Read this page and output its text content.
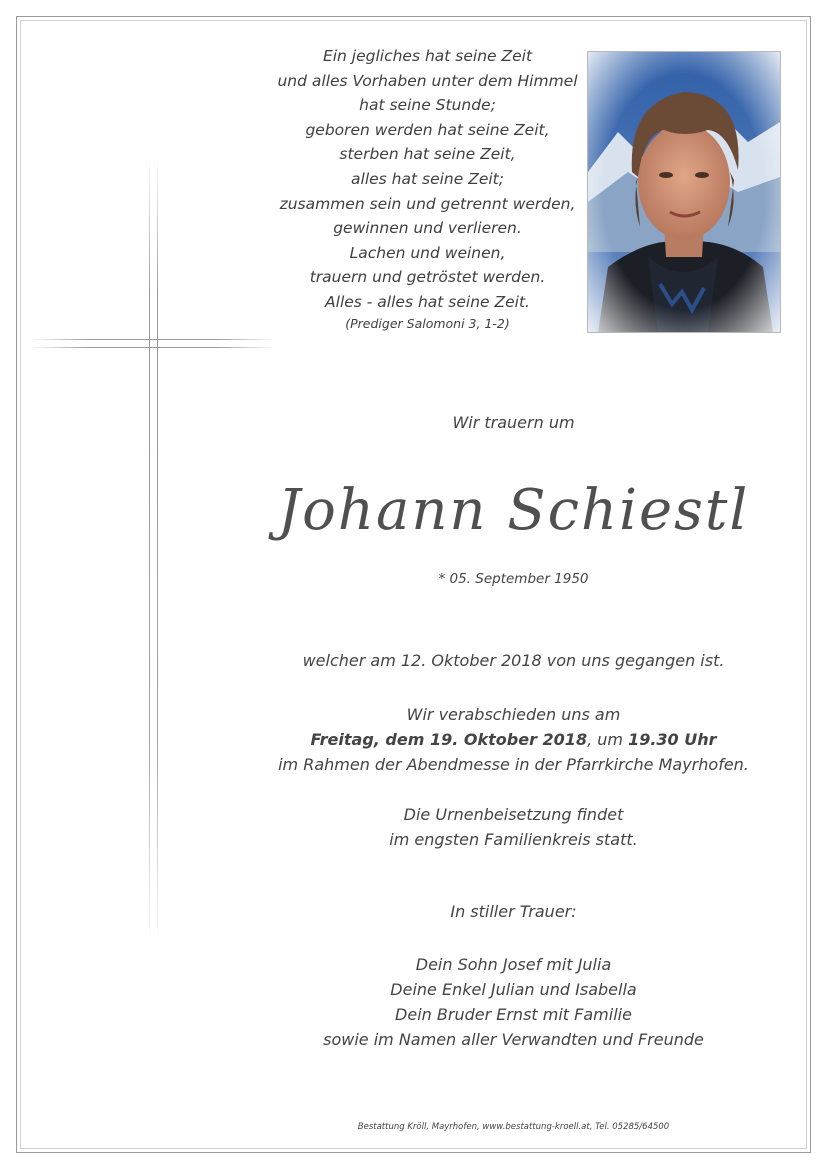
Ein jegliches hat seine Zeit
und alles Vorhaben unter dem Himmel
hat seine Stunde;
geboren werden hat seine Zeit,
sterben hat seine Zeit,
alles hat seine Zeit;
zusammen sein und getrennt werden,
gewinnen und verlieren.
Lachen und weinen,
trauern und getröstet werden.
Alles - alles hat seine Zeit.
(Prediger Salomoni 3, 1-2)
Wir trauern um
Johann Schiestl
* 05. September 1950
welcher am 12. Oktober 2018 von uns gegangen ist.
Wir verabschieden uns am
Freitag, dem 19. Oktober 2018, um 19.30 Uhr
im Rahmen der Abendmesse in der Pfarrkirche Mayrhofen.
Die Urnenbeisetzung findet
im engsten Familienkreis statt.
In stiller Trauer:
Dein Sohn Josef mit Julia
Deine Enkel Julian und Isabella
Dein Bruder Ernst mit Familie
sowie im Namen aller Verwandten und Freunde
Bestattung Kröll, Mayrhofen, www.bestattung-kroell.at, Tel. 05285/64500
